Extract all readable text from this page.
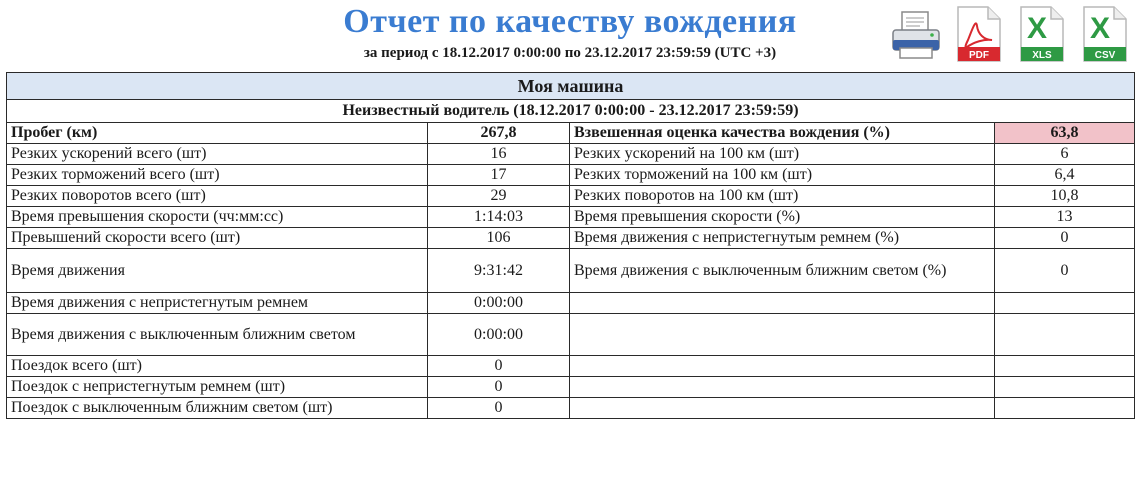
Отчет по качеству вождения
за период с 18.12.2017 0:00:00 по 23.12.2017 23:59:59 (UTC +3)	PDF
X
XLS
X
CSV
Моя машина			
Неизвестный водитель (18.12.2017 0:00:00 - 23.12.2017 23:59:59)			
Пробег (км)	267,8	Взвешенная оценка качества вождения (%)	63,8
Резких ускорений всего (шт)	16	Резких ускорений на 100 км (шт)	6
Резких торможений всего (шт)	17	Резких торможений на 100 км (шт)	6,4
Резких поворотов всего (шт)	29	Резких поворотов на 100 км (шт)	10,8
Время превышения скорости (чч:мм:сс)	1:14:03	Время превышения скорости (%)	13
Превышений скорости всего (шт)	106	Время движения с непристегнутым ремнем (%)	0
Время движения	9:31:42	Время движения с выключенным ближним светом (%)	0
Время движения с непристегнутым ремнем	0:00:00		
Время движения с выключенным ближним светом	0:00:00		
Поездок всего (шт)	0		
Поездок с непристегнутым ремнем (шт)	0		
Поездок с выключенным ближним светом (шт)	0		
